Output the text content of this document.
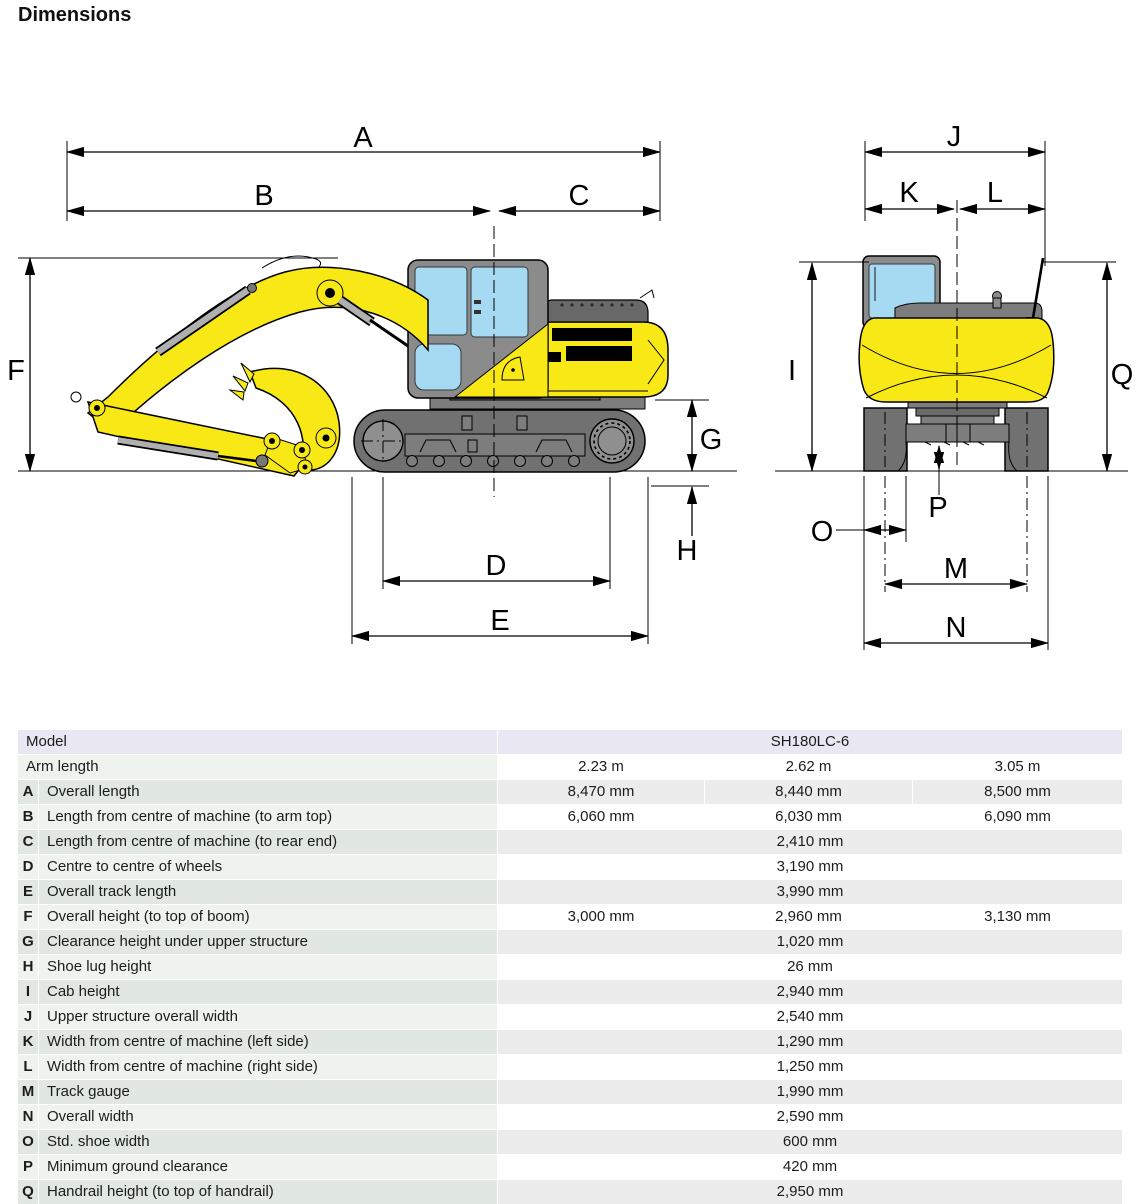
Dimensions
A
B	C
F
G
H
D
E
J
K L
I	Q
P
O
M
N
Model	SH180LC-6
Arm length	2.23 m	2.62 m	3.05 m
A Overall length	8,470 mm	8,440 mm	8,500 mm
B Length from centre of machine (to arm top)	6,060 mm	6,030 mm	6,090 mm
C Length from centre of machine (to rear end)	2,410 mm
D Centre to centre of wheels	3,190 mm
E Overall track length	3,990 mm
F Overall height (to top of boom)	3,000 mm	2,960 mm	3,130 mm
G Clearance height under upper structure	1,020 mm
H Shoe lug height	26 mm
I	Cab height	2,940 mm
J Upper structure overall width	2,540 mm
K Width from centre of machine (left side)	1,290 mm
L Width from centre of machine (right side)	1,250 mm
M Track gauge	1,990 mm
N Overall width	2,590 mm
O Std. shoe width	600 mm
P Minimum ground clearance	420 mm
Q Handrail height (to top of handrail)	2,950 mm
